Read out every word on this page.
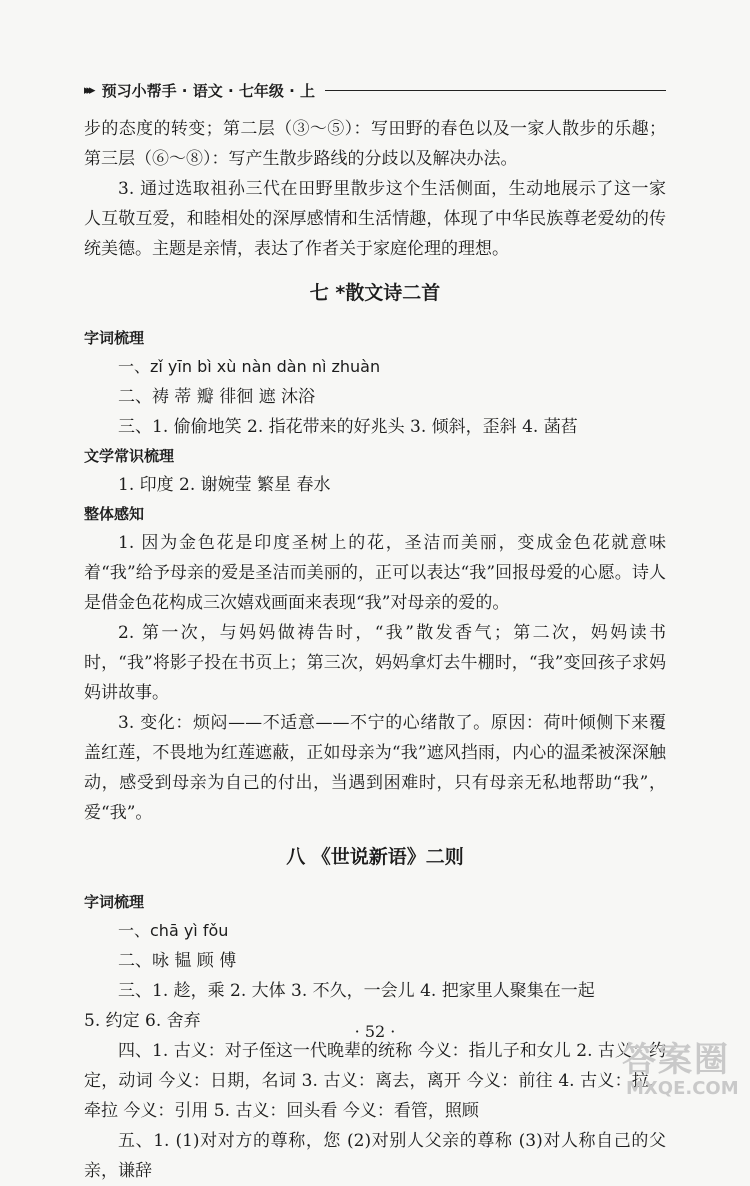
▸▸▸ 预习小帮手 · 语文 · 七年级 · 上

步的态度的转变；第二层（③～⑤）：写田野的春色以及一家人散步的乐趣；第三层（⑥～⑧）：写产生散步路线的分歧以及解决办法。

3. 通过选取祖孙三代在田野里散步这个生活侧面，生动地展示了这一家人互敬互爱，和睦相处的深厚感情和生活情趣，体现了中华民族尊老爱幼的传统美德。主题是亲情，表达了作者关于家庭伦理的理想。

七 *散文诗二首
字词梳理

一、zǐ yīn bì xù nàn dàn nì zhuàn

二、祷 蒂 瓣 徘徊 遮 沐浴

三、1. 偷偷地笑 2. 指花带来的好兆头 3. 倾斜，歪斜 4. 菡萏

文学常识梳理

1. 印度 2. 谢婉莹 繁星 春水

整体感知

1. 因为金色花是印度圣树上的花，圣洁而美丽，变成金色花就意味着“我”给予母亲的爱是圣洁而美丽的，正可以表达“我”回报母爱的心愿。诗人是借金色花构成三次嬉戏画面来表现“我”对母亲的爱的。

2. 第一次，与妈妈做祷告时，“我”散发香气；第二次，妈妈读书时，“我”将影子投在书页上；第三次，妈妈拿灯去牛棚时，“我”变回孩子求妈妈讲故事。

3. 变化：烦闷——不适意——不宁的心绪散了。原因：荷叶倾侧下来覆盖红莲，不畏地为红莲遮蔽，正如母亲为“我”遮风挡雨，内心的温柔被深深触动，感受到母亲为自己的付出，当遇到困难时，只有母亲无私地帮助“我”，爱“我”。

八 《世说新语》二则
字词梳理

一、chā yì fǒu

二、咏 韫 顾 傅

三、1. 趁，乘 2. 大体 3. 不久，一会儿 4. 把家里人聚集在一起

5. 约定 6. 舍弃

四、1. 古义：对子侄这一代晚辈的统称 今义：指儿子和女儿 2. 古义：约定，动词 今义：日期，名词 3. 古义：离去，离开 今义：前往 4. 古义：拉，牵拉 今义：引用 5. 古义：回头看 今义：看管，照顾

五、1. (1)对对方的尊称，您 (2)对别人父亲的尊称 (3)对人称自己的父亲，谦辞

· 52 ·
答案圈
MXQE.COM
